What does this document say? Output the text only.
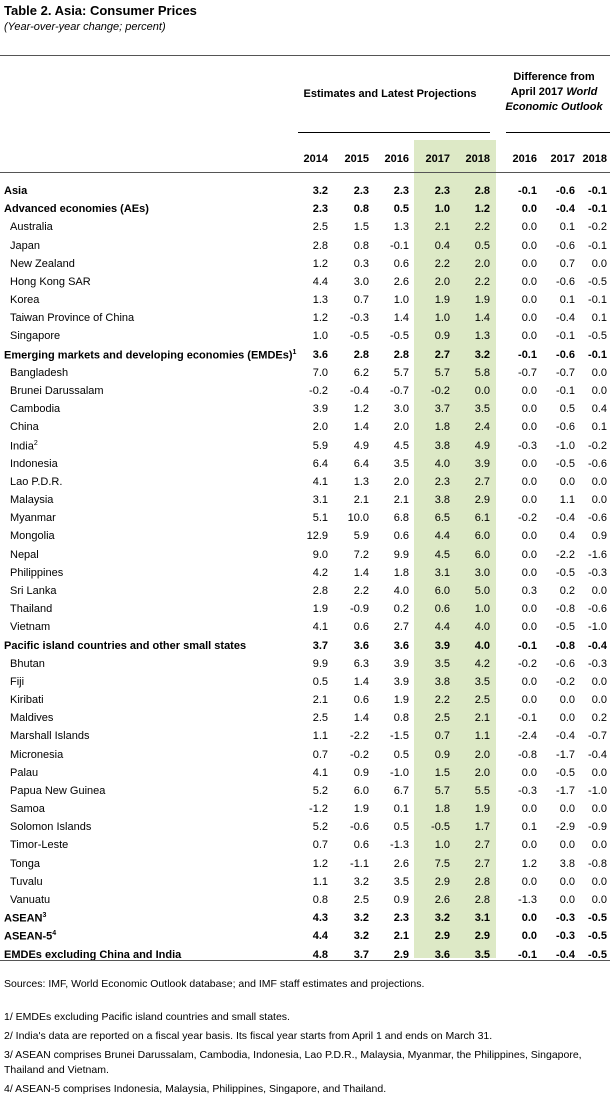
Table 2. Asia: Consumer Prices
(Year-over-year change; percent)
Estimates and Latest Projections
Difference from
April 2017 World
Economic Outlook
2014	2015	2016	2017	2018	2016	2017 2018
Asia	3.2	2.3	2.3	2.3	2.8	-0.1	-0.6	-0.1
Advanced economies (AEs)	2.3	0.8	0.5	1.0	1.2	0.0	-0.4	-0.1
Australia	2.5	1.5	1.3	2.1	2.2	0.0	0.1	-0.2
Japan	2.8	0.8	-0.1	0.4	0.5	0.0	-0.6	-0.1
New Zealand	1.2	0.3	0.6	2.2	2.0	0.0	0.7	0.0
Hong Kong SAR	4.4	3.0	2.6	2.0	2.2	0.0	-0.6	-0.5
Korea	1.3	0.7	1.0	1.9	1.9	0.0	0.1	-0.1
Taiwan Province of China	1.2	-0.3	1.4	1.0	1.4	0.0	-0.4	0.1
Singapore	1.0	-0.5	-0.5	0.9	1.3	0.0	-0.1	-0.5
Emerging markets and developing economies (EMDEs)$^1$	3.6	2.8	2.8	2.7	3.2	-0.1	-0.6	-0.1
Bangladesh	7.0	6.2	5.7	5.7	5.8	-0.7	-0.7	0.0
Brunei Darussalam	-0.2	-0.4	-0.7	-0.2	0.0	0.0	-0.1	0.0
Cambodia	3.9	1.2	3.0	3.7	3.5	0.0	0.5	0.4
China	2.0	1.4	2.0	1.8	2.4	0.0	-0.6	0.1
India$^2$	5.9	4.9	4.5	3.8	4.9	-0.3	-1.0	-0.2
Indonesia	6.4	6.4	3.5	4.0	3.9	0.0	-0.5	-0.6
Lao P.D.R.	4.1	1.3	2.0	2.3	2.7	0.0	0.0	0.0
Malaysia	3.1	2.1	2.1	3.8	2.9	0.0	1.1	0.0
Myanmar	5.1	10.0	6.8	6.5	6.1	-0.2	-0.4	-0.6
Mongolia	12.9	5.9	0.6	4.4	6.0	0.0	0.4	0.9
Nepal	9.0	7.2	9.9	4.5	6.0	0.0	-2.2	-1.6
Philippines	4.2	1.4	1.8	3.1	3.0	0.0	-0.5	-0.3
Sri Lanka	2.8	2.2	4.0	6.0	5.0	0.3	0.2	0.0
Thailand	1.9	-0.9	0.2	0.6	1.0	0.0	-0.8	-0.6
Vietnam	4.1	0.6	2.7	4.4	4.0	0.0	-0.5	-1.0
Pacific island countries and other small states	3.7	3.6	3.6	3.9	4.0	-0.1	-0.8	-0.4
Bhutan	9.9	6.3	3.9	3.5	4.2	-0.2	-0.6	-0.3
Fiji	0.5	1.4	3.9	3.8	3.5	0.0	-0.2	0.0
Kiribati	2.1	0.6	1.9	2.2	2.5	0.0	0.0	0.0
Maldives	2.5	1.4	0.8	2.5	2.1	-0.1	0.0	0.2
Marshall Islands	1.1	-2.2	-1.5	0.7	1.1	-2.4	-0.4	-0.7
Micronesia	0.7	-0.2	0.5	0.9	2.0	-0.8	-1.7	-0.4
Palau	4.1	0.9	-1.0	1.5	2.0	0.0	-0.5	0.0
Papua New Guinea	5.2	6.0	6.7	5.7	5.5	-0.3	-1.7	-1.0
Samoa	-1.2	1.9	0.1	1.8	1.9	0.0	0.0	0.0
Solomon Islands	5.2	-0.6	0.5	-0.5	1.7	0.1	-2.9	-0.9
Timor-Leste	0.7	0.6	-1.3	1.0	2.7	0.0	0.0	0.0
Tonga	1.2	-1.1	2.6	7.5	2.7	1.2	3.8	-0.8
Tuvalu	1.1	3.2	3.5	2.9	2.8	0.0	0.0	0.0
Vanuatu	0.8	2.5	0.9	2.6	2.8	-1.3	0.0	0.0
ASEAN$^3$	4.3	3.2	2.3	3.2	3.1	0.0	-0.3	-0.5
ASEAN-$5^4$	4.4	3.2	2.1	2.9	2.9	0.0	-0.3	-0.5
EMDEs excluding China and India	4.8	3.7	2.9	3.6	3.5	-0.1	-0.4	-0.5
Sources: IMF, World Economic Outlook database; and IMF staff estimates and projections.
1/ EMDEs excluding Pacific island countries and small states.
2/ India's data are reported on a fiscal year basis. Its fiscal year starts from April 1 and ends on March 31.
3/ ASEAN comprises Brunei Darussalam, Cambodia, Indonesia, Lao P.D.R., Malaysia, Myanmar, the Philippines, Singapore, Thailand and Vietnam.
4/ ASEAN-5 comprises Indonesia, Malaysia, Philippines, Singapore, and Thailand.
